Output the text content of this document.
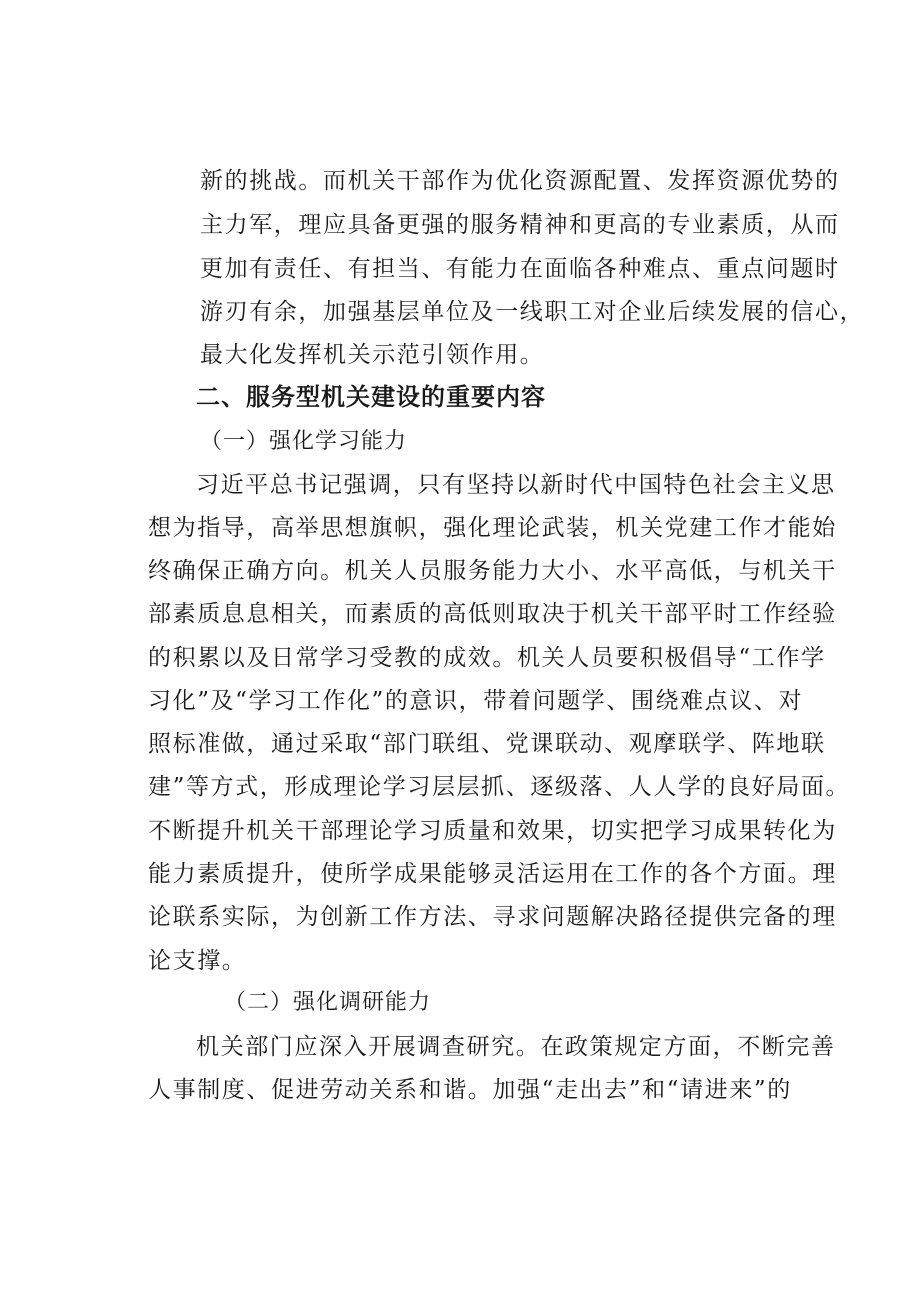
新的挑战。而机关干部作为优化资源配置、发挥资源优势的
主力军，理应具备更强的服务精神和更高的专业素质，从而
更加有责任、有担当、有能力在面临各种难点、重点问题时
游刃有余，加强基层单位及一线职工对企业后续发展的信心，
最大化发挥机关示范引领作用。
二、服务型机关建设的重要内容
（一）强化学习能力
习近平总书记强调，只有坚持以新时代中国特色社会主义思
想为指导，高举思想旗帜，强化理论武装，机关党建工作才能始
终确保正确方向。机关人员服务能力大小、水平高低，与机关干
部素质息息相关，而素质的高低则取决于机关干部平时工作经验
的积累以及日常学习受教的成效。机关人员要积极倡导“工作学
习化”及“学习工作化”的意识，带着问题学、围绕难点议、对
照标准做，通过采取“部门联组、党课联动、观摩联学、阵地联
建”等方式，形成理论学习层层抓、逐级落、人人学的良好局面。
不断提升机关干部理论学习质量和效果，切实把学习成果转化为
能力素质提升，使所学成果能够灵活运用在工作的各个方面。理
论联系实际，为创新工作方法、寻求问题解决路径提供完备的理
论支撑。
（二）强化调研能力
机关部门应深入开展调查研究。在政策规定方面，不断完善
人事制度、促进劳动关系和谐。加强“走出去”和“请进来”的
